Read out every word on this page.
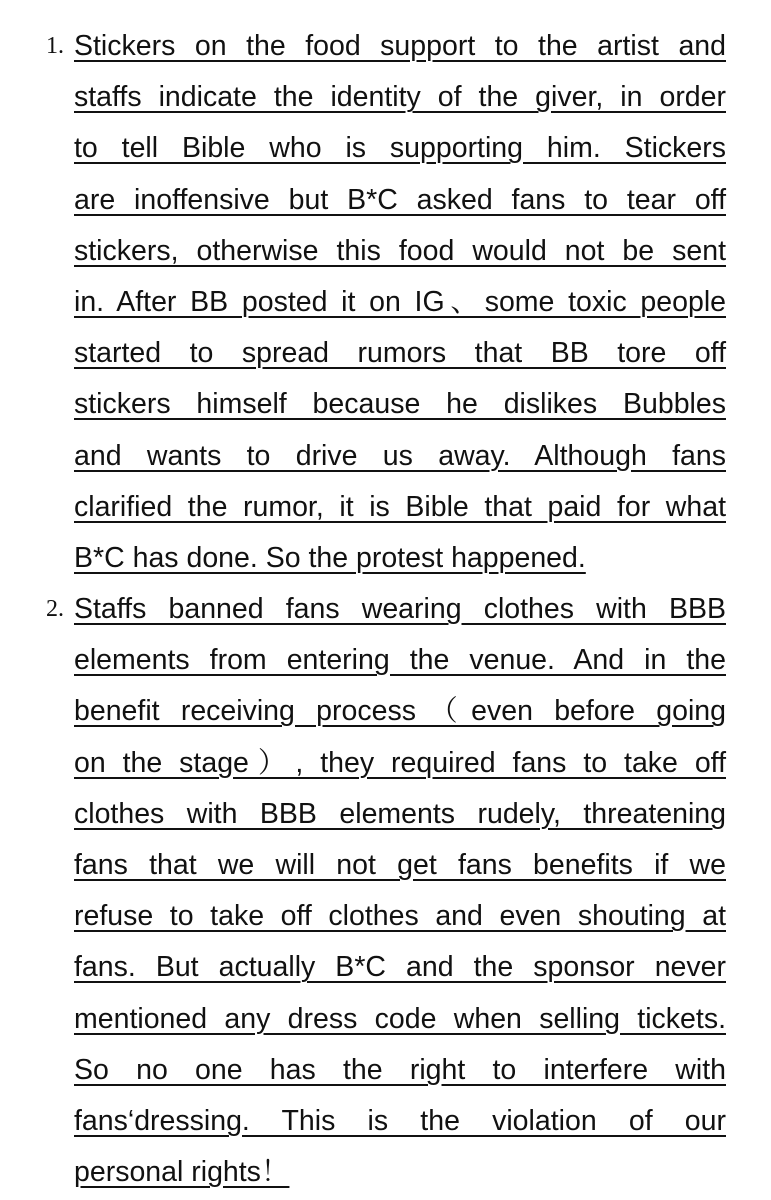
1. Stickers on the food support to the artist and
staffs indicate the identity of the giver, in order
to tell Bible who is supporting him. Stickers
are inoffensive but B*C asked fans to tear off
stickers, otherwise this food would not be sent
in. After BB posted it on IG、some toxic people
started to spread rumors that BB tore off
stickers himself because he dislikes Bubbles
and wants to drive us away. Although fans
clarified the rumor, it is Bible that paid for what
B*C has done. So the protest happened.
2. Staffs banned fans wearing clothes with BBB
elements from entering the venue. And in the
benefit receiving process（even before going
on the stage）, they required fans to take off
clothes with BBB elements rudely, threatening
fans that we will not get fans benefits if we
refuse to take off clothes and even shouting at
fans. But actually B*C and the sponsor never
mentioned any dress code when selling tickets.
So no one has the right to interfere with
fans‘dressing. This is the violation of our
personal rights！
